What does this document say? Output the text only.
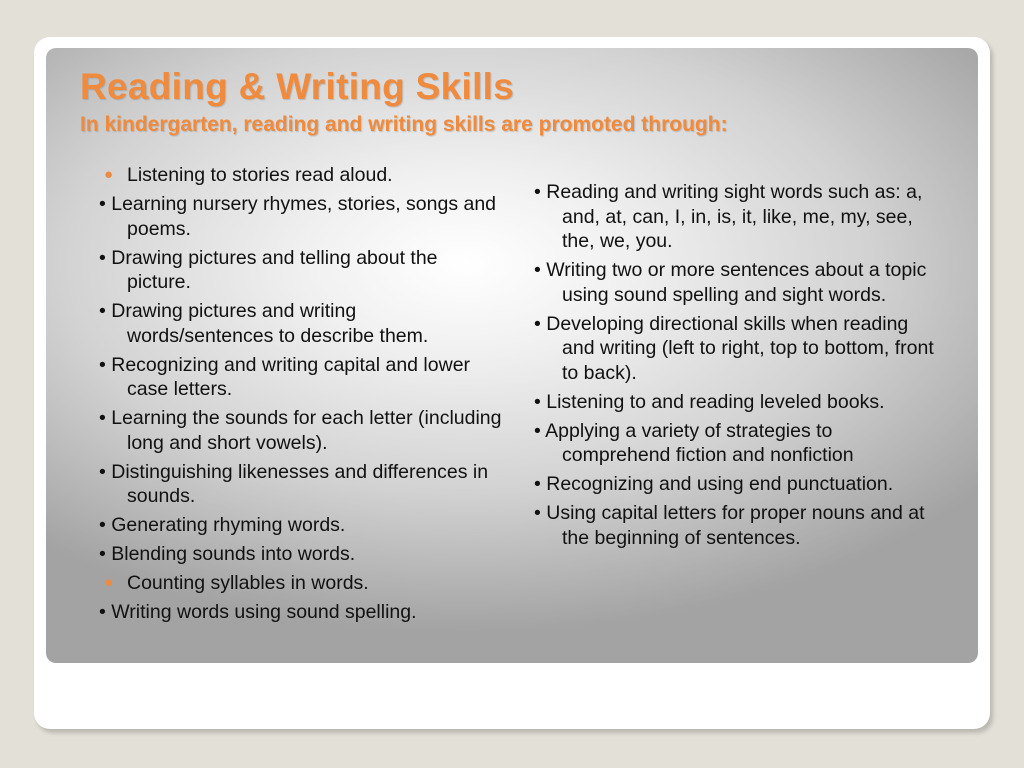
Reading & Writing Skills
In kindergarten, reading and writing skills are promoted through:
● Listening to stories read aloud.
• Learning nursery rhymes, stories, songs and poems.
• Drawing pictures and telling about the picture.
• Drawing pictures and writing words/sentences to describe them.
• Recognizing and writing capital and lower case letters.
• Learning the sounds for each letter (including long and short vowels).
• Distinguishing likenesses and differences in sounds.
• Generating rhyming words.
• Blending sounds into words.
● Counting syllables in words.
• Writing words using sound spelling.
• Reading and writing sight words such as: a, and, at, can, I, in, is, it, like, me, my, see, the, we, you.
• Writing two or more sentences about a topic using sound spelling and sight words.
• Developing directional skills when reading and writing (left to right, top to bottom, front to back).
• Listening to and reading leveled books.
• Applying a variety of strategies to comprehend fiction and nonfiction
• Recognizing and using end punctuation.
• Using capital letters for proper nouns and at the beginning of sentences.
